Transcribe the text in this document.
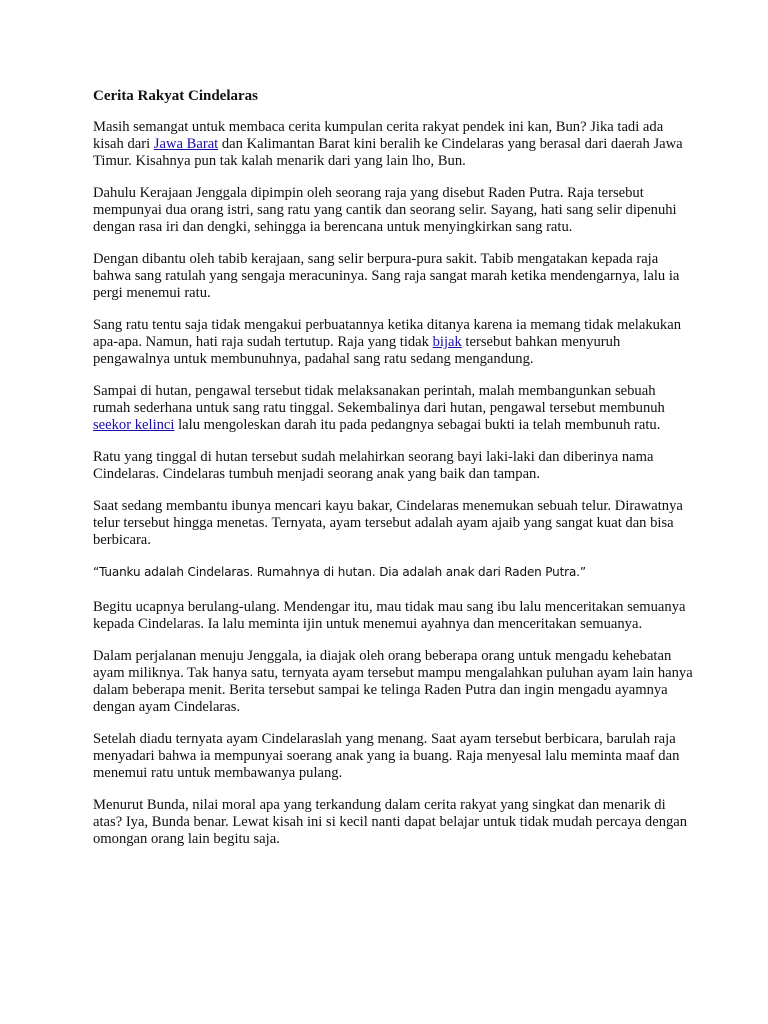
Cerita Rakyat Cindelaras

Masih semangat untuk membaca cerita kumpulan cerita rakyat pendek ini kan, Bun? Jika tadi ada kisah dari Jawa Barat dan Kalimantan Barat kini beralih ke Cindelaras yang berasal dari daerah Jawa Timur. Kisahnya pun tak kalah menarik dari yang lain lho, Bun.

Dahulu Kerajaan Jenggala dipimpin oleh seorang raja yang disebut Raden Putra. Raja tersebut mempunyai dua orang istri, sang ratu yang cantik dan seorang selir. Sayang, hati sang selir dipenuhi dengan rasa iri dan dengki, sehingga ia berencana untuk menyingkirkan sang ratu.

Dengan dibantu oleh tabib kerajaan, sang selir berpura-pura sakit. Tabib mengatakan kepada raja bahwa sang ratulah yang sengaja meracuninya. Sang raja sangat marah ketika mendengarnya, lalu ia pergi menemui ratu.

Sang ratu tentu saja tidak mengakui perbuatannya ketika ditanya karena ia memang tidak melakukan apa-apa. Namun, hati raja sudah tertutup. Raja yang tidak bijak tersebut bahkan menyuruh pengawalnya untuk membunuhnya, padahal sang ratu sedang mengandung.

Sampai di hutan, pengawal tersebut tidak melaksanakan perintah, malah membangunkan sebuah rumah sederhana untuk sang ratu tinggal. Sekembalinya dari hutan, pengawal tersebut membunuh seekor kelinci lalu mengoleskan darah itu pada pedangnya sebagai bukti ia telah membunuh ratu.

Ratu yang tinggal di hutan tersebut sudah melahirkan seorang bayi laki-laki dan diberinya nama Cindelaras. Cindelaras tumbuh menjadi seorang anak yang baik dan tampan.

Saat sedang membantu ibunya mencari kayu bakar, Cindelaras menemukan sebuah telur. Dirawatnya telur tersebut hingga menetas. Ternyata, ayam tersebut adalah ayam ajaib yang sangat kuat dan bisa berbicara.

“Tuanku adalah Cindelaras. Rumahnya di hutan. Dia adalah anak dari Raden Putra.”

Begitu ucapnya berulang-ulang. Mendengar itu, mau tidak mau sang ibu lalu menceritakan semuanya kepada Cindelaras. Ia lalu meminta ijin untuk menemui ayahnya dan menceritakan semuanya.

Dalam perjalanan menuju Jenggala, ia diajak oleh orang beberapa orang untuk mengadu kehebatan ayam miliknya. Tak hanya satu, ternyata ayam tersebut mampu mengalahkan puluhan ayam lain hanya dalam beberapa menit. Berita tersebut sampai ke telinga Raden Putra dan ingin mengadu ayamnya dengan ayam Cindelaras.

Setelah diadu ternyata ayam Cindelaraslah yang menang. Saat ayam tersebut berbicara, barulah raja menyadari bahwa ia mempunyai soerang anak yang ia buang. Raja menyesal lalu meminta maaf dan menemui ratu untuk membawanya pulang.

Menurut Bunda, nilai moral apa yang terkandung dalam cerita rakyat yang singkat dan menarik di atas? Iya, Bunda benar. Lewat kisah ini si kecil nanti dapat belajar untuk tidak mudah percaya dengan omongan orang lain begitu saja.
